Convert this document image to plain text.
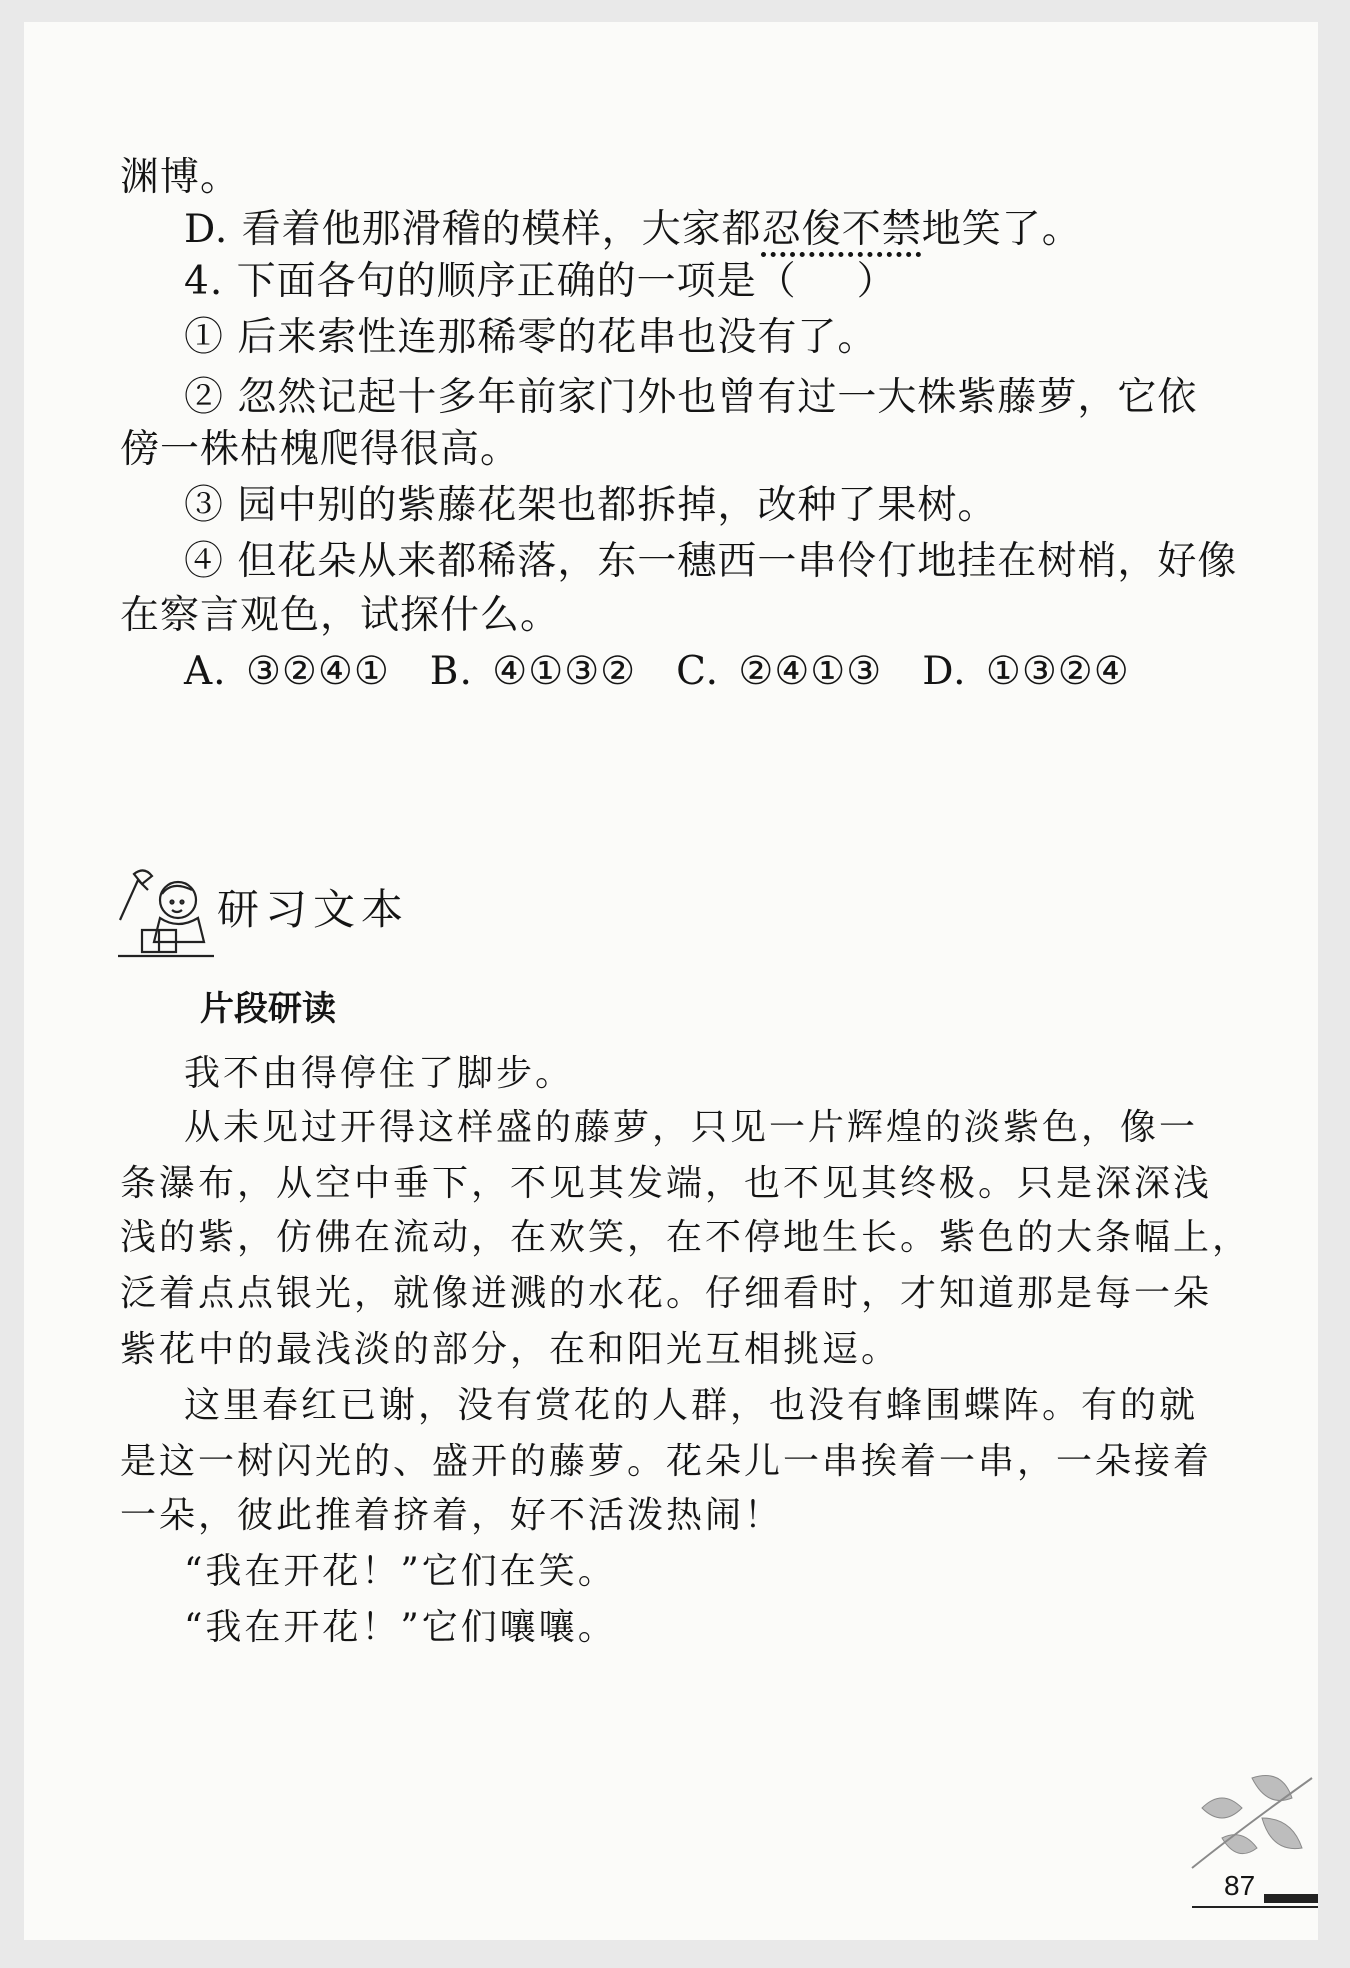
渊博。
D. 看着他那滑稽的模样，大家都忍俊不禁地笑了。
4. 下面各句的顺序正确的一项是（ ）
① 后来索性连那稀零的花串也没有了。
② 忽然记起十多年前家门外也曾有过一大株紫藤萝，它依
傍一株枯槐爬得很高。
③ 园中别的紫藤花架也都拆掉，改种了果树。
④ 但花朵从来都稀落，东一穗西一串伶仃地挂在树梢，好像
在察言观色，试探什么。
A. ③②④①　B. ④①③②　C. ②④①③　D. ①③②④
研习文本
片段研读
我不由得停住了脚步。
从未见过开得这样盛的藤萝，只见一片辉煌的淡紫色，像一
条瀑布，从空中垂下，不见其发端，也不见其终极。只是深深浅
浅的紫，仿佛在流动，在欢笑，在不停地生长。紫色的大条幅上，
泛着点点银光，就像迸溅的水花。仔细看时，才知道那是每一朵
紫花中的最浅淡的部分，在和阳光互相挑逗。
这里春红已谢，没有赏花的人群，也没有蜂围蝶阵。有的就
是这一树闪光的、盛开的藤萝。花朵儿一串挨着一串，一朵接着
一朵，彼此推着挤着，好不活泼热闹！
“我在开花！”它们在笑。
“我在开花！”它们嚷嚷。
87
